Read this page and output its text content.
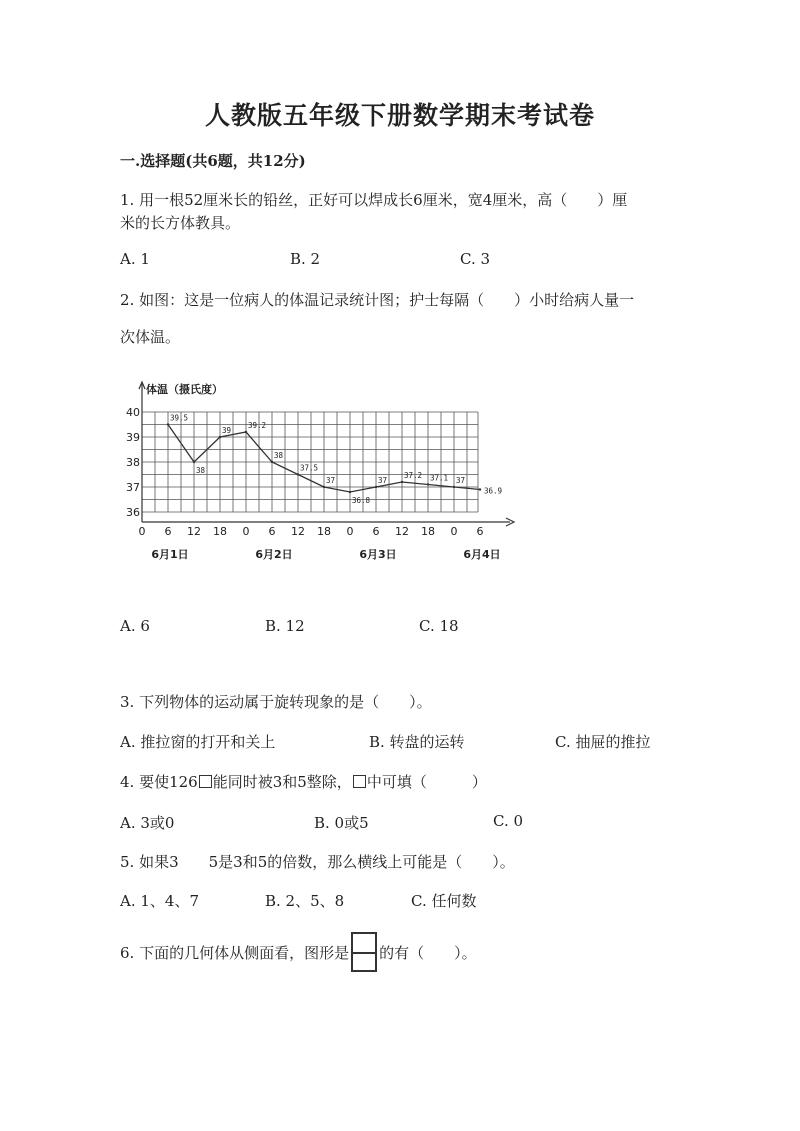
人教版五年级下册数学期末考试卷
一.选择题(共6题，共12分)
1. 用一根52厘米长的铅丝，正好可以焊成长6厘米，宽4厘米，高（　　）厘
米的长方体教具。
A. 1	B. 2	C. 3
2. 如图：这是一位病人的体温记录统计图；护士每隔（　　）小时给病人量一
次体温。
体温（摄氏度）
40
39
38
37
36
0 6 12 18 0 6 12 18 0 6 12 18 0 6
6月1日	6月2日	6月3日	6月4日
39.5
38
39
39.2
38
37.5
37
36.8
37
37.2 37.1 37
36.9
A. 6	B. 12	C. 18
3. 下列物体的运动属于旋转现象的是（　　）。
A. 推拉窗的打开和关上	B. 转盘的运转	C. 抽屉的推拉
4. 要使126 能同时被3和5整除， 中可填（　　　）
A. 3或0	B. 0或5	C. 0
5. 如果3　　5是3和5的倍数，那么横线上可能是（　　）。
A. 1、4、7	B. 2、5、8	C. 任何数
6. 下面的几何体从侧面看，图形是 的有（　　）。
